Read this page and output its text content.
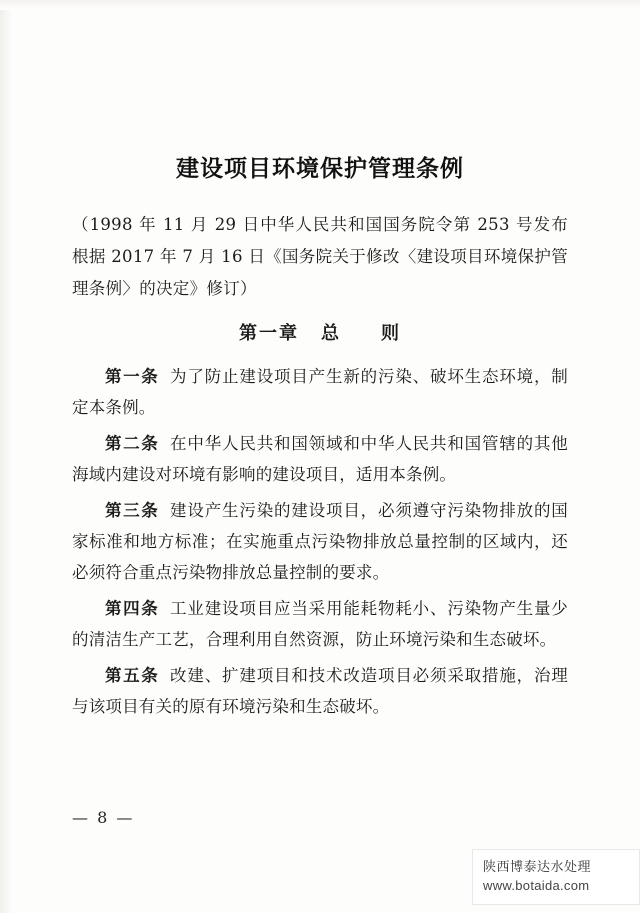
建设项目环境保护管理条例

（1998 年 11 月 29 日中华人民共和国国务院令第 253 号发布 根据 2017 年 7 月 16 日《国务院关于修改〈建设项目环境保护管 理条例〉的决定》修订）

第一章 总　　则

第一条 为了防止建设项目产生新的污染、破坏生态环境，制定本条例。

第二条 在中华人民共和国领域和中华人民共和国管辖的其他海域内建设对环境有影响的建设项目，适用本条例。

第三条 建设产生污染的建设项目，必须遵守污染物排放的国家标准和地方标准；在实施重点污染物排放总量控制的区域内，还必须符合重点污染物排放总量控制的要求。

第四条 工业建设项目应当采用能耗物耗小、污染物产生量少的清洁生产工艺，合理利用自然资源，防止环境污染和生态破坏。

第五条 改建、扩建项目和技术改造项目必须采取措施，治理与该项目有关的原有环境污染和生态破坏。

— 8 —
陕西博泰达水处理
www.botaida.com
